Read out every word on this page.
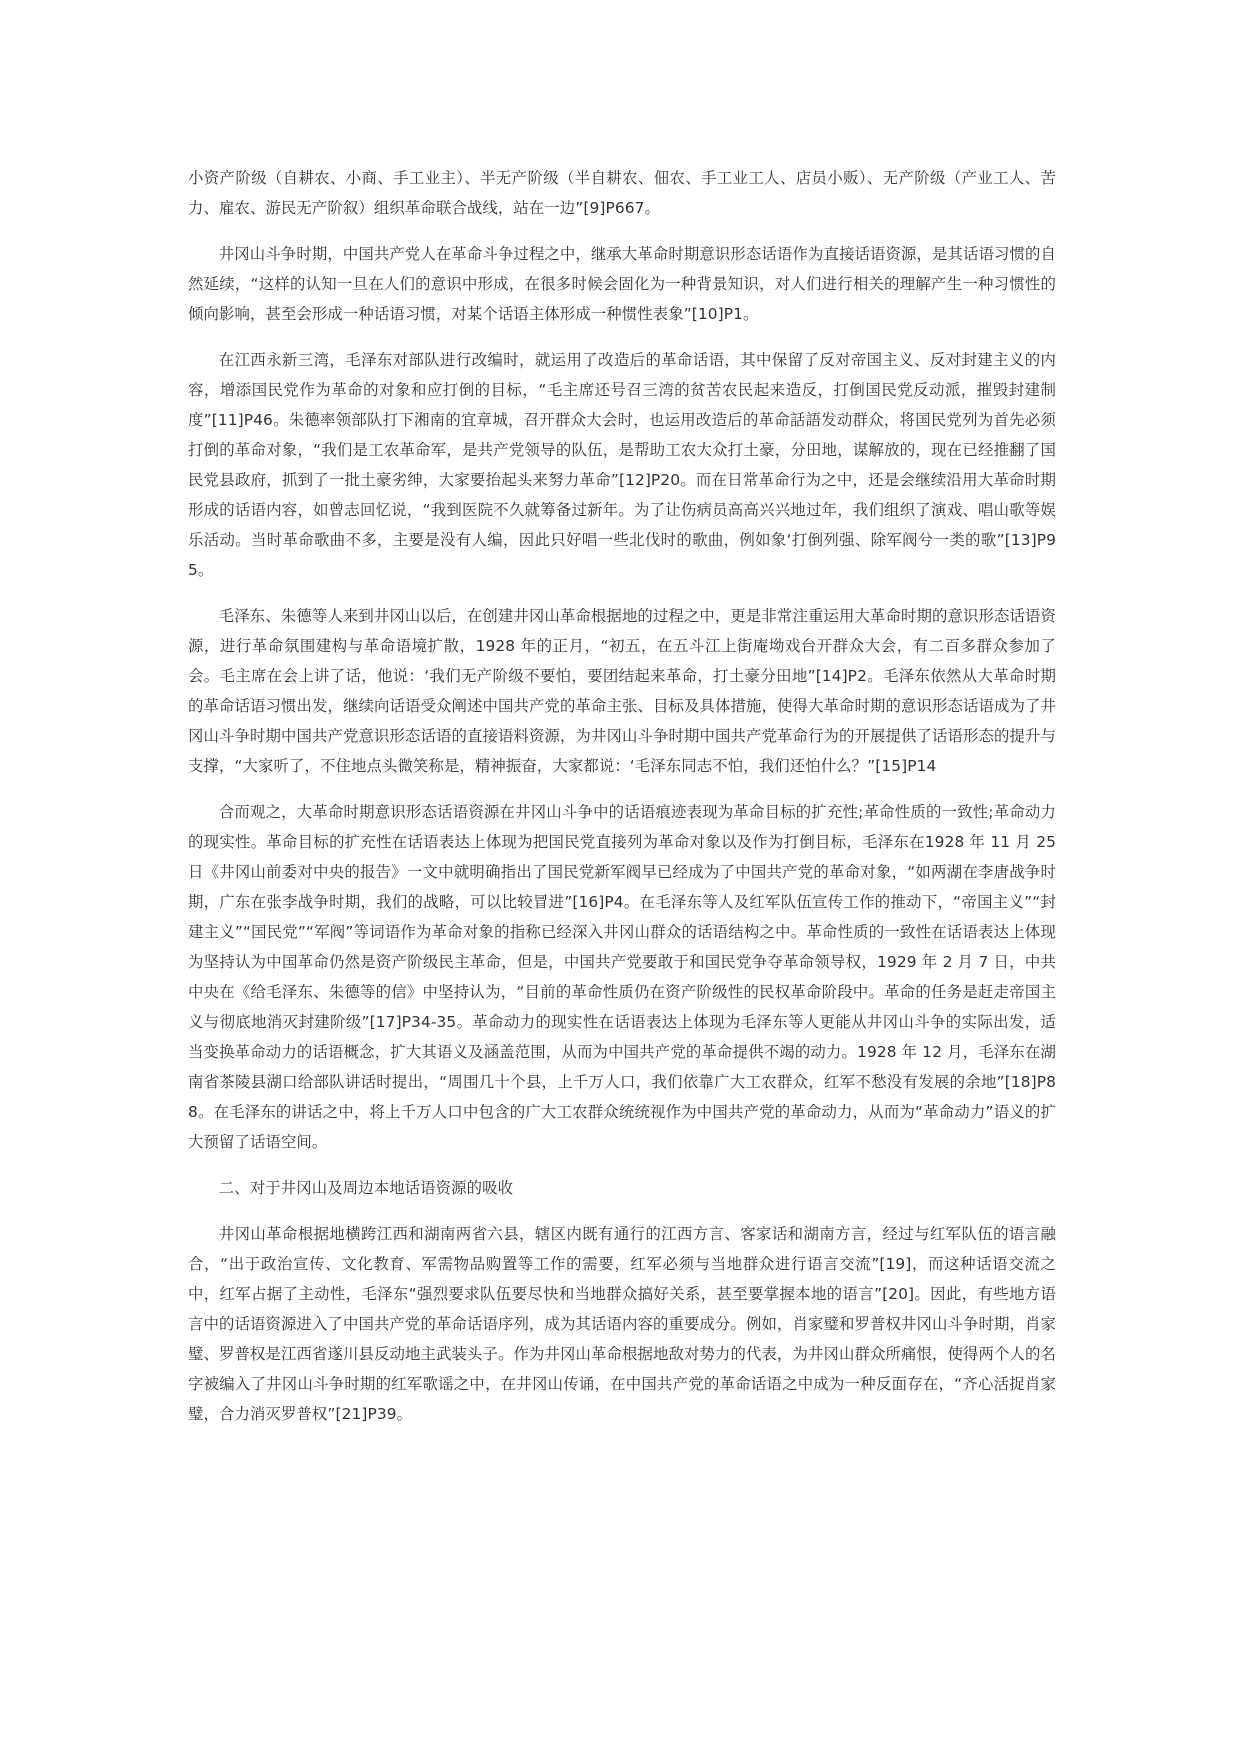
小资产阶级（自耕农、小商、手工业主）、半无产阶级（半自耕农、佃农、手工业工人、店员小贩）、无产阶级（产业工人、苦力、雇农、游民无产阶叙）组织革命联合战线，站在一边”[9]P667。

井冈山斗争时期，中国共产党人在革命斗争过程之中，继承大革命时期意识形态话语作为直接话语资源，是其话语习惯的自然延续，“这样的认知一旦在人们的意识中形成，在很多时候会固化为一种背景知识，对人们进行相关的理解产生一种习惯性的倾向影响，甚至会形成一种话语习惯，对某个话语主体形成一种惯性表象”[10]P1。

在江西永新三湾，毛泽东对部队进行改编时，就运用了改造后的革命话语，其中保留了反对帝国主义、反对封建主义的内容，增添国民党作为革命的对象和应打倒的目标，“毛主席还号召三湾的贫苦农民起来造反，打倒国民党反动派，摧毁封建制度”[11]P46。朱德率领部队打下湘南的宜章城，召开群众大会时，也运用改造后的革命話語发动群众，将国民党列为首先必须打倒的革命对象，“我们是工农革命军，是共产党领导的队伍，是帮助工农大众打土豪，分田地，谋解放的，现在已经推翻了国民党县政府，抓到了一批土豪劣绅，大家要抬起头来努力革命”[12]P20。而在日常革命行为之中，还是会继续沿用大革命时期形成的话语内容，如曾志回忆说，“我到医院不久就筹备过新年。为了让伤病员高高兴兴地过年，我们组织了演戏、唱山歌等娱乐活动。当时革命歌曲不多，主要是没有人编，因此只好唱一些北伐时的歌曲，例如象‘打倒列强、除军阀兮一类的歌”[13]P95。

毛泽东、朱德等人来到井冈山以后，在创建井冈山革命根据地的过程之中，更是非常注重运用大革命时期的意识形态话语资源，进行革命氛围建构与革命语境扩散，1928 年的正月，“初五，在五斗江上街庵坳戏台开群众大会，有二百多群众参加了会。毛主席在会上讲了话，他说：‘我们无产阶级不要怕，要团结起来革命，打土豪分田地”[14]P2。毛泽东依然从大革命时期的革命话语习惯出发，继续向话语受众阐述中国共产党的革命主张、目标及具体措施，使得大革命时期的意识形态话语成为了井冈山斗争时期中国共产党意识形态话语的直接语料资源，为井冈山斗争时期中国共产党革命行为的开展提供了话语形态的提升与支撑，“大家听了，不住地点头微笑称是，精神振奋，大家都说：‘毛泽东同志不怕，我们还怕什么？”[15]P14

合而观之，大革命时期意识形态话语资源在井冈山斗争中的话语痕迹表现为革命目标的扩充性;革命性质的一致性;革命动力的现实性。革命目标的扩充性在话语表达上体现为把国民党直接列为革命对象以及作为打倒目标，毛泽东在1928 年 11 月 25 日《井冈山前委对中央的报告》一文中就明确指出了国民党新军阀早已经成为了中国共产党的革命对象，“如两湖在李唐战争时期，广东在张李战争时期，我们的战略，可以比较冒进”[16]P4。在毛泽东等人及红军队伍宣传工作的推动下，“帝国主义”“封建主义”“国民党”“军阀”等词语作为革命对象的指称已经深入井冈山群众的话语结构之中。革命性质的一致性在话语表达上体现为坚持认为中国革命仍然是资产阶级民主革命，但是，中国共产党要敢于和国民党争夺革命领导权，1929 年 2 月 7 日，中共中央在《给毛泽东、朱德等的信》中坚持认为，“目前的革命性质仍在资产阶级性的民权革命阶段中。革命的任务是赶走帝国主义与彻底地消灭封建阶级”[17]P34-35。革命动力的现实性在话语表达上体现为毛泽东等人更能从井冈山斗争的实际出发，适当变换革命动力的话语概念，扩大其语义及涵盖范围，从而为中国共产党的革命提供不竭的动力。1928 年 12 月，毛泽东在湖南省茶陵县湖口给部队讲话时提出，“周围几十个县，上千万人口，我们依靠广大工农群众，红军不愁没有发展的余地”[18]P88。在毛泽东的讲话之中，将上千万人口中包含的广大工农群众统统视作为中国共产党的革命动力，从而为“革命动力”语义的扩大预留了话语空间。

二、对于井冈山及周边本地话语资源的吸收

井冈山革命根据地横跨江西和湖南两省六县，辖区内既有通行的江西方言、客家话和湖南方言，经过与红军队伍的语言融合，“出于政治宣传、文化教育、军需物品购置等工作的需要，红军必须与当地群众进行语言交流”[19]，而这种话语交流之中，红军占据了主动性，毛泽东“强烈要求队伍要尽快和当地群众搞好关系，甚至要掌握本地的语言”[20]。因此，有些地方语言中的话语资源进入了中国共产党的革命话语序列，成为其话语内容的重要成分。例如，肖家璧和罗普权井冈山斗争时期，肖家璧、罗普权是江西省遂川县反动地主武装头子。作为井冈山革命根据地敌对势力的代表，为井冈山群众所痛恨，使得两个人的名字被编入了井冈山斗争时期的红军歌谣之中，在井冈山传诵，在中国共产党的革命话语之中成为一种反面存在，“齐心活捉肖家璧，合力消灭罗普权”[21]P39。
